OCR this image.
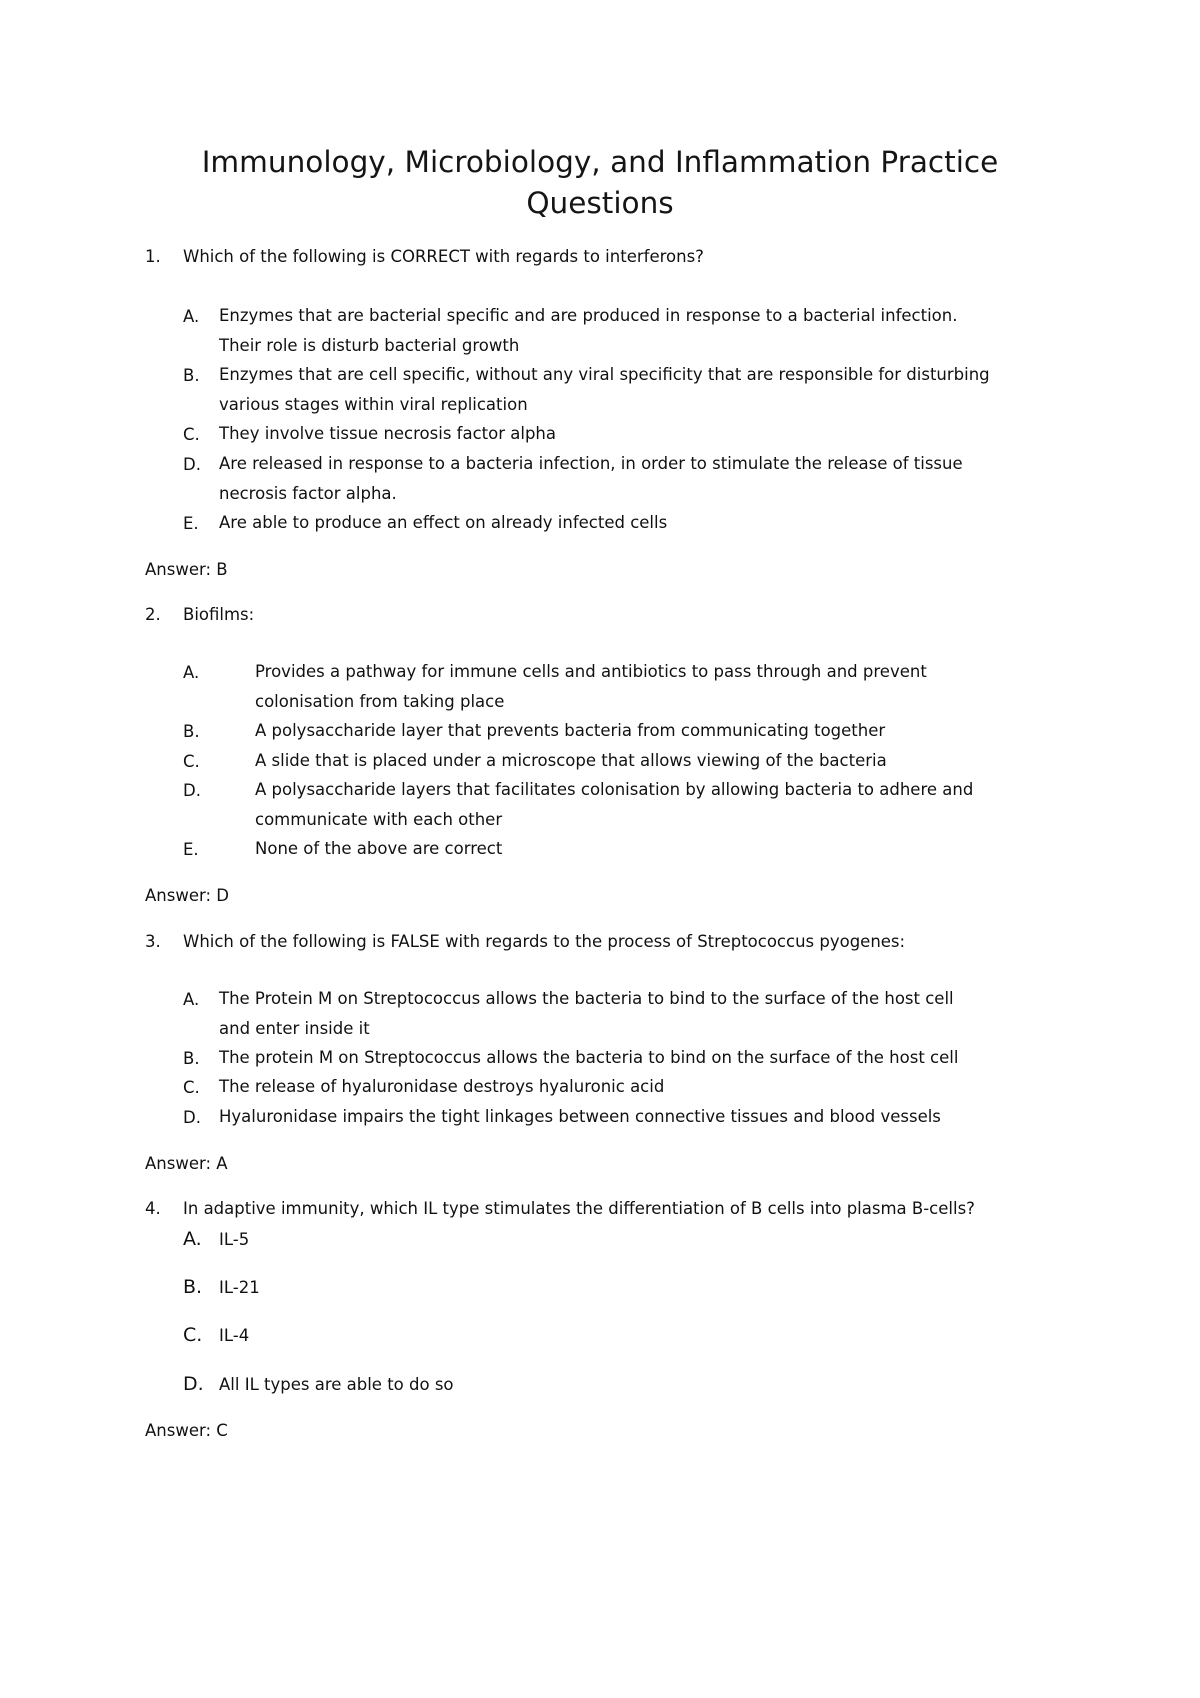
Immunology, Microbiology, and Inflammation Practice Questions
1. Which of the following is CORRECT with regards to interferons?
A. Enzymes that are bacterial specific and are produced in response to a bacterial infection.
Their role is disturb bacterial growth
B. Enzymes that are cell specific, without any viral specificity that are responsible for disturbing
various stages within viral replication
C. They involve tissue necrosis factor alpha
D. Are released in response to a bacteria infection, in order to stimulate the release of tissue
necrosis factor alpha.
E. Are able to produce an effect on already infected cells
Answer: B
2. Biofilms:
A.	Provides a pathway for immune cells and antibiotics to pass through and prevent
colonisation from taking place
B.	A polysaccharide layer that prevents bacteria from communicating together
C.	A slide that is placed under a microscope that allows viewing of the bacteria
D.	A polysaccharide layers that facilitates colonisation by allowing bacteria to adhere and
communicate with each other
E.	None of the above are correct
Answer: D
3. Which of the following is FALSE with regards to the process of Streptococcus pyogenes:
A. The Protein M on Streptococcus allows the bacteria to bind to the surface of the host cell
and enter inside it
B. The protein M on Streptococcus allows the bacteria to bind on the surface of the host cell
C. The release of hyaluronidase destroys hyaluronic acid
D. Hyaluronidase impairs the tight linkages between connective tissues and blood vessels
Answer: A
4. In adaptive immunity, which IL type stimulates the differentiation of B cells into plasma B-cells?
A. IL-5
B. IL-21
C. IL-4
D. All IL types are able to do so
Answer: C
